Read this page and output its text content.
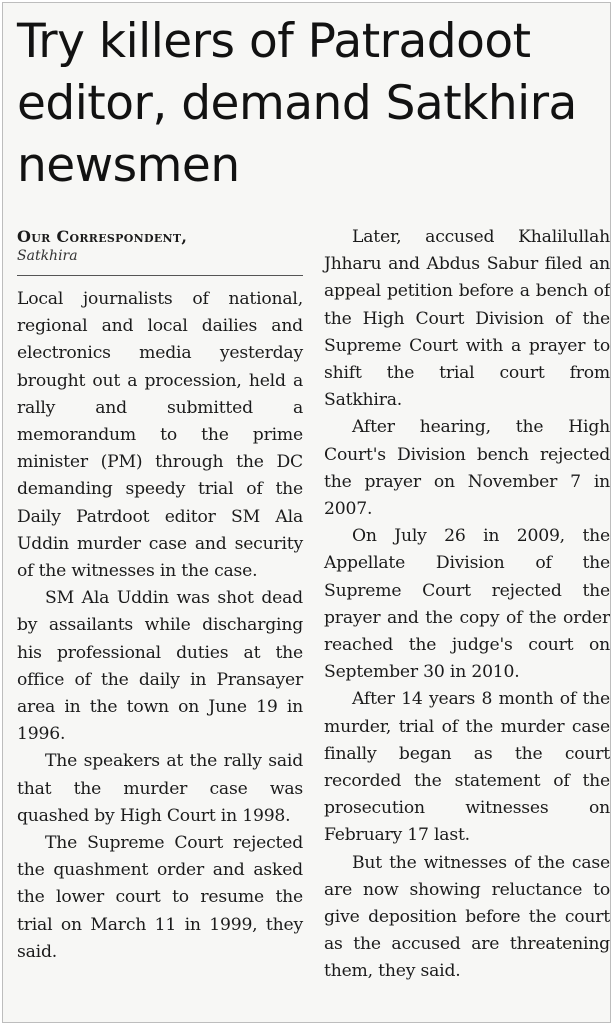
Try killers of Patradoot editor, demand Satkhira newsmen
Our Correspondent,
Satkhira

Local journalists of national, regional and local dailies and electronics media yesterday brought out a procession, held a rally and submitted a memorandum to the prime minister (PM) through the DC demanding speedy trial of the Daily Patrdoot editor SM Ala Uddin murder case and security of the witnesses in the case.

SM Ala Uddin was shot dead by assailants while discharging his professional duties at the office of the daily in Pransayer area in the town on June 19 in 1996.

The speakers at the rally said that the murder case was quashed by High Court in 1998.

The Supreme Court rejected the quashment order and asked the lower court to resume the trial on March 11 in 1999, they said.

Later, accused Khalilullah Jhharu and Abdus Sabur filed an appeal petition before a bench of the High Court Division of the Supreme Court with a prayer to shift the trial court from Satkhira.

After hearing, the High Court's Division bench rejected the prayer on November 7 in 2007.

On July 26 in 2009, the Appellate Division of the Supreme Court rejected the prayer and the copy of the order reached the judge's court on September 30 in 2010.

After 14 years 8 month of the murder, trial of the murder case finally began as the court recorded the statement of the prosecution witnesses on February 17 last.

But the witnesses of the case are now showing reluctance to give deposition before the court as the accused are threatening them, they said.
